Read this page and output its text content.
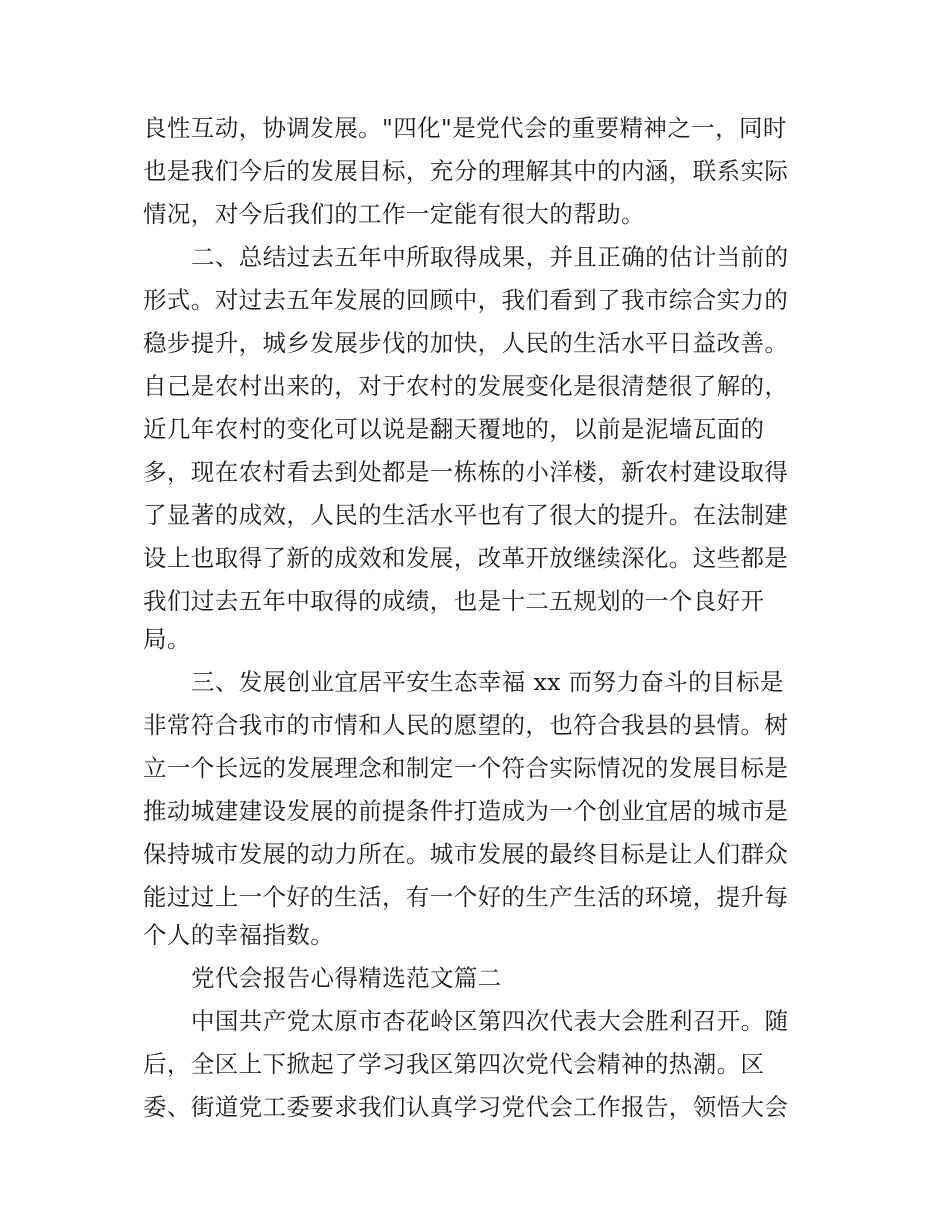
良性互动，协调发展。"四化"是党代会的重要精神之一，同时
也是我们今后的发展目标，充分的理解其中的内涵，联系实际
情况，对今后我们的工作一定能有很大的帮助。
二、总结过去五年中所取得成果，并且正确的估计当前的
形式。对过去五年发展的回顾中，我们看到了我市综合实力的
稳步提升，城乡发展步伐的加快，人民的生活水平日益改善。
自己是农村出来的，对于农村的发展变化是很清楚很了解的，
近几年农村的变化可以说是翻天覆地的，以前是泥墙瓦面的
多，现在农村看去到处都是一栋栋的小洋楼，新农村建设取得
了显著的成效，人民的生活水平也有了很大的提升。在法制建
设上也取得了新的成效和发展，改革开放继续深化。这些都是
我们过去五年中取得的成绩，也是十二五规划的一个良好开
局。
三、发展创业宜居平安生态幸福 xx 而努力奋斗的目标是
非常符合我市的市情和人民的愿望的，也符合我县的县情。树
立一个长远的发展理念和制定一个符合实际情况的发展目标是
推动城建建设发展的前提条件打造成为一个创业宜居的城市是
保持城市发展的动力所在。城市发展的最终目标是让人们群众
能过过上一个好的生活，有一个好的生产生活的环境，提升每
个人的幸福指数。
党代会报告心得精选范文篇二
中国共产党太原市杏花岭区第四次代表大会胜利召开。随
后，全区上下掀起了学习我区第四次党代会精神的热潮。区
委、街道党工委要求我们认真学习党代会工作报告，领悟大会
